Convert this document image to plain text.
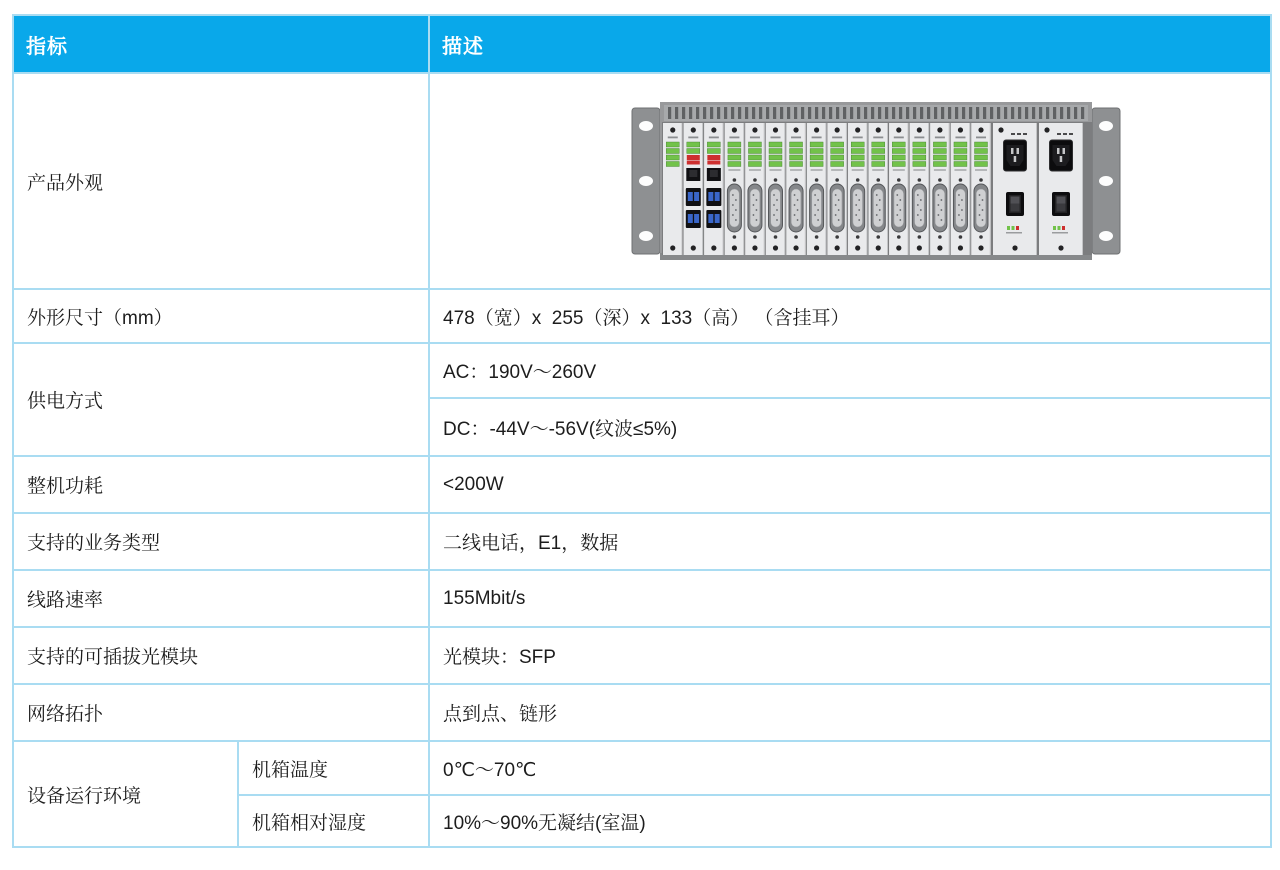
指标		描述
产品外观	

外形尺寸（mm）		478（宽）x  255（深）x  133（高） （含挂耳）
供电方式		AC：190V～260V
		DC：-44V～-56V(纹波≤5%)
整机功耗		<200W
支持的业务类型		二线电话，E1，数据
线路速率		155Mbit/s
支持的可插拔光模块		光模块：SFP
网络拓扑		点到点、链形
设备运行环境	机箱温度	0℃～70℃
	机箱相对湿度	10%～90%无凝结(室温)
